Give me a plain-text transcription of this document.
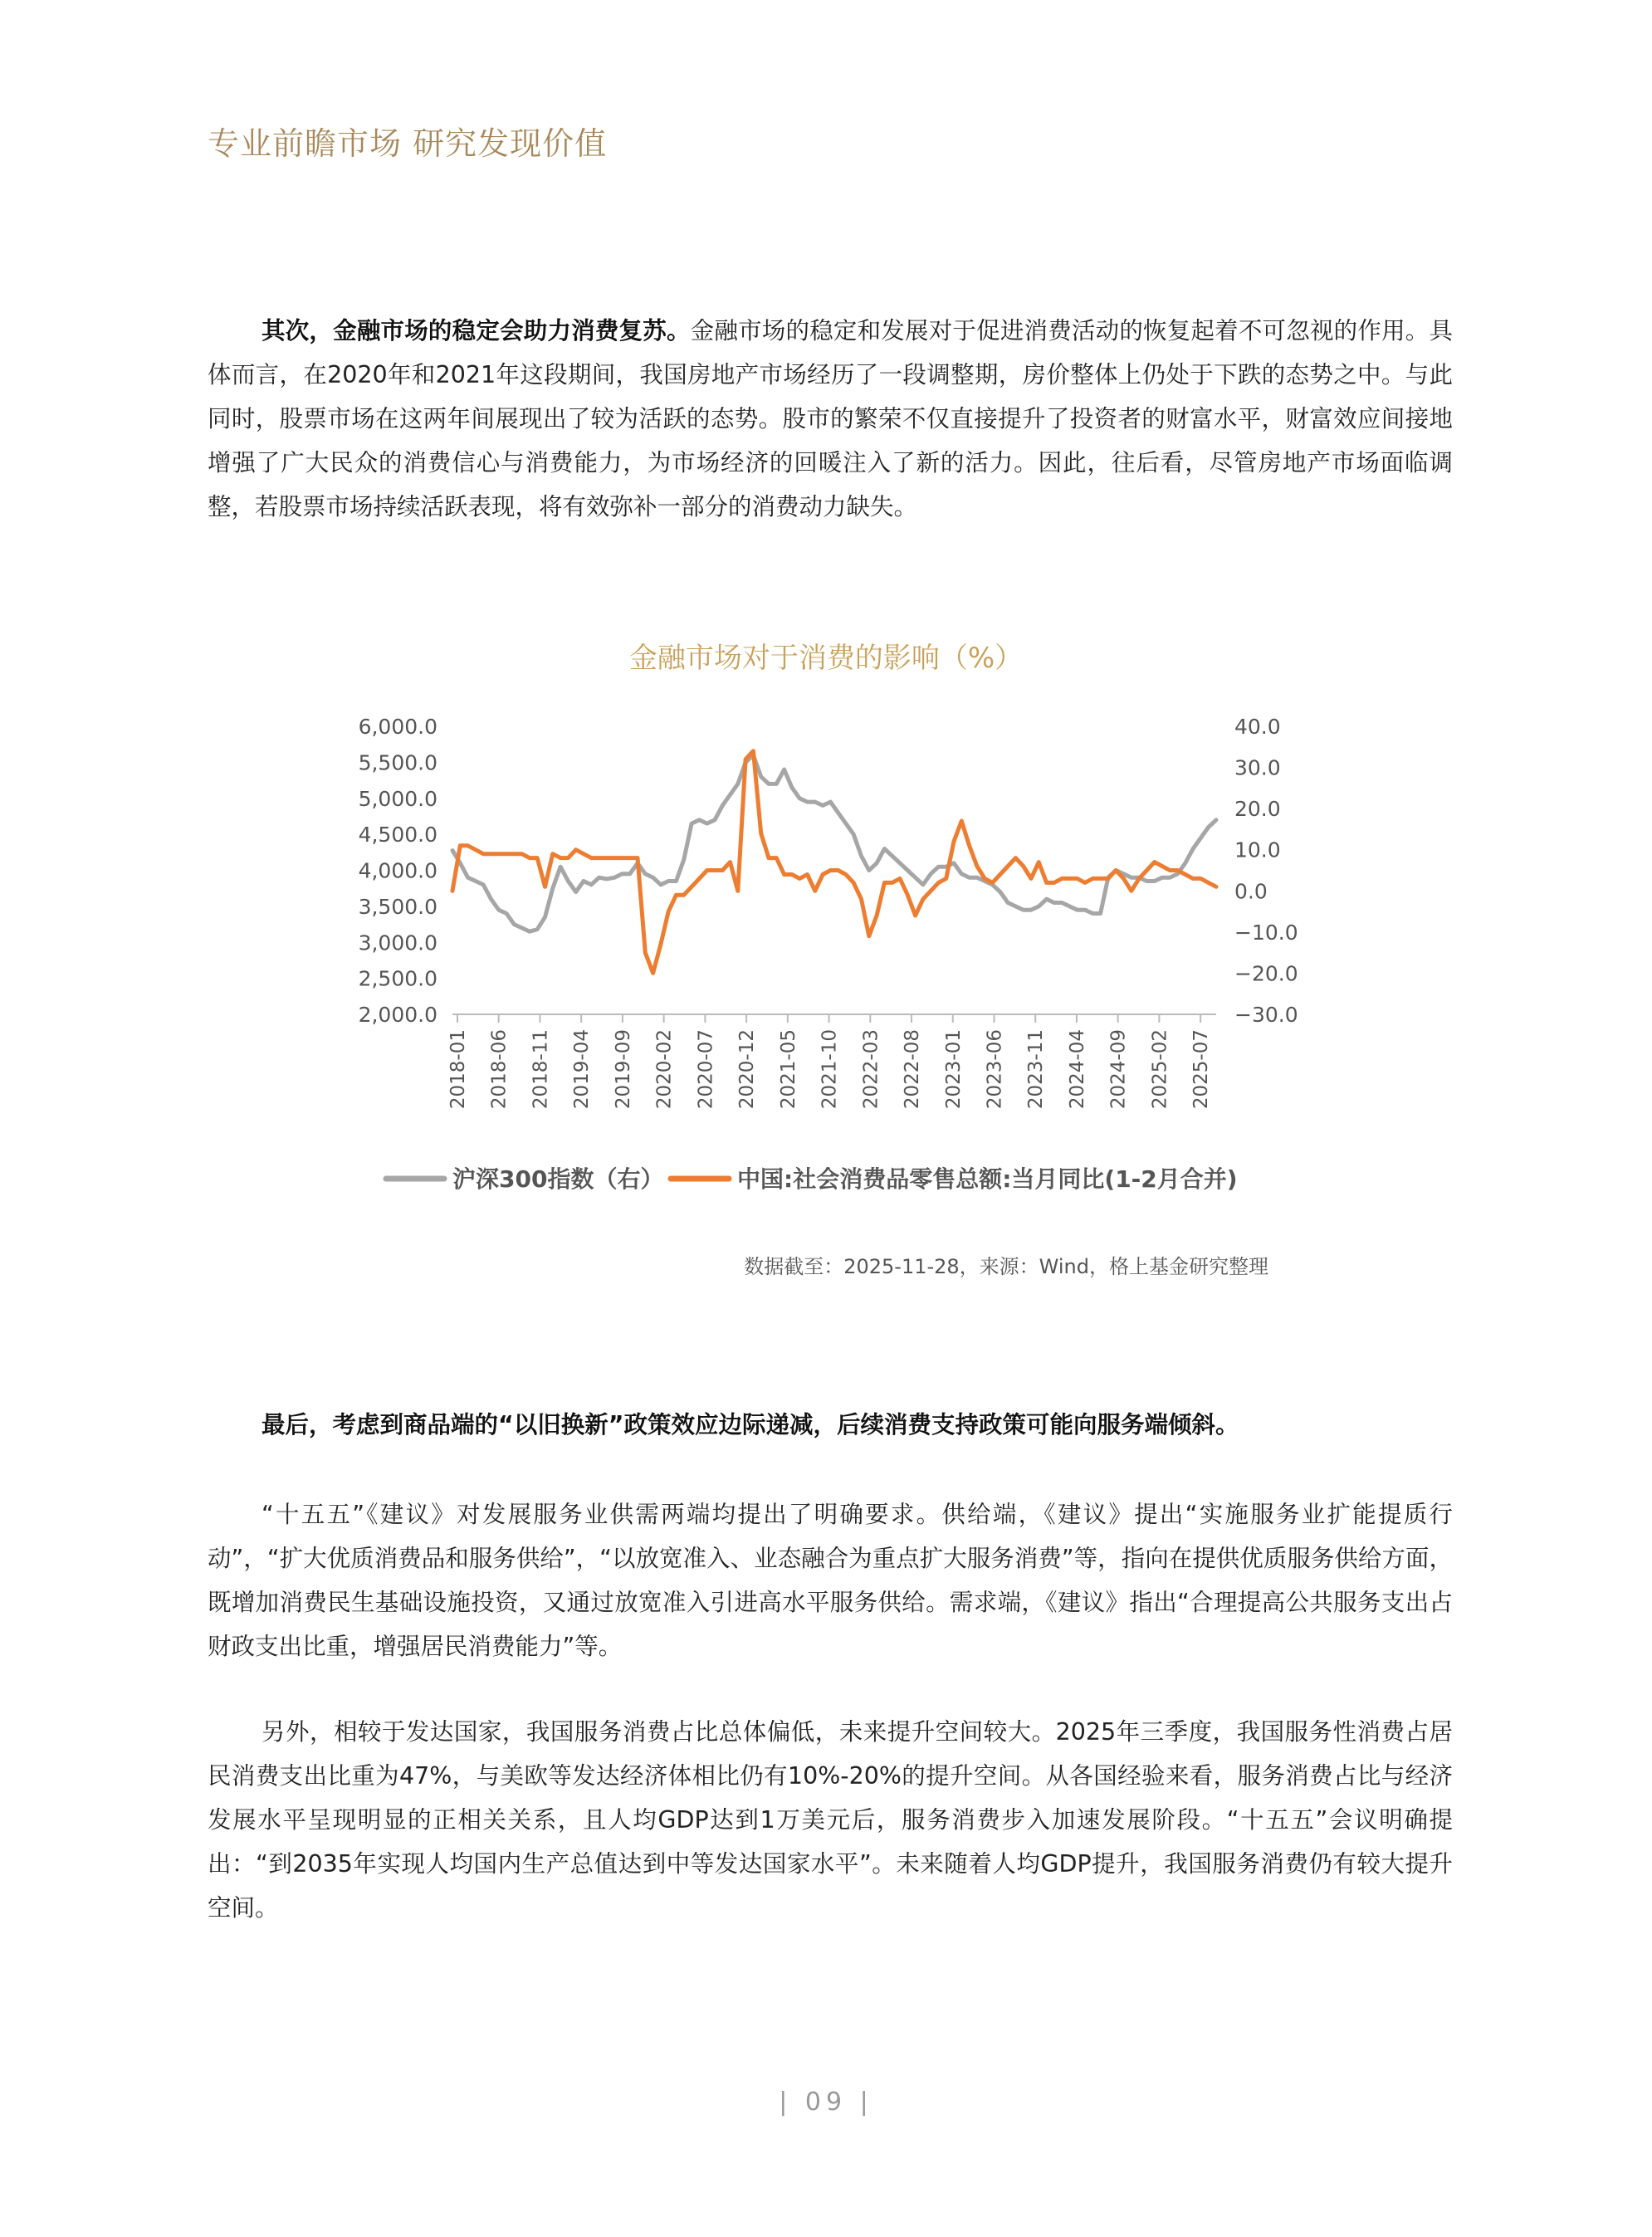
专业前瞻市场 研究发现价值

其次，金融市场的稳定会助力消费复苏。金融市场的稳定和发展对于促进消费活动的恢复起着不可忽视的作用。具体而言，在2020年和2021年这段期间，我国房地产市场经历了一段调整期，房价整体上仍处于下跌的态势之中。与此同时，股票市场在这两年间展现出了较为活跃的态势。股市的繁荣不仅直接提升了投资者的财富水平，财富效应间接地增强了广大民众的消费信心与消费能力，为市场经济的回暖注入了新的活力。因此，往后看，尽管房地产市场面临调整，若股票市场持续活跃表现，将有效弥补一部分的消费动力缺失。

金融市场对于消费的影响（%）
6,000.0
5,500.0
5,000.0
4,500.0
4,000.0
3,500.0
3,000.0
2,500.0
2,000.0
40.0
30.0
20.0
10.0
0.0
−10.0
−20.0
−30.0
2018-01 2018-06 2018-11 2019-04 2019-09 2020-02 2020-07 2020-12 2021-05 2021-10 2022-03 2022-08 2023-01 2023-06 2023-11 2024-04 2024-09 2025-02 2025-07
沪深300指数（右）	中国:社会消费品零售总额:当月同比(1-2月合并)
数据截至：2025-11-28，来源：Wind，格上基金研究整理

最后，考虑到商品端的“以旧换新”政策效应边际递减，后续消费支持政策可能向服务端倾斜。

“十五五”《建议》对发展服务业供需两端均提出了明确要求。供给端，《建议》提出“实施服务业扩能提质行动”，“扩大优质消费品和服务供给”，“以放宽准入、业态融合为重点扩大服务消费”等，指向在提供优质服务供给方面，既增加消费民生基础设施投资，又通过放宽准入引进高水平服务供给。需求端，《建议》指出“合理提高公共服务支出占财政支出比重，增强居民消费能力”等。

另外，相较于发达国家，我国服务消费占比总体偏低，未来提升空间较大。2025年三季度，我国服务性消费占居民消费支出比重为47%，与美欧等发达经济体相比仍有10%-20%的提升空间。从各国经验来看，服务消费占比与经济发展水平呈现明显的正相关关系，且人均GDP达到1万美元后，服务消费步入加速发展阶段。“十五五”会议明确提出：“到2035年实现人均国内生产总值达到中等发达国家水平”。未来随着人均GDP提升，我国服务消费仍有较大提升空间。

| 09 |
